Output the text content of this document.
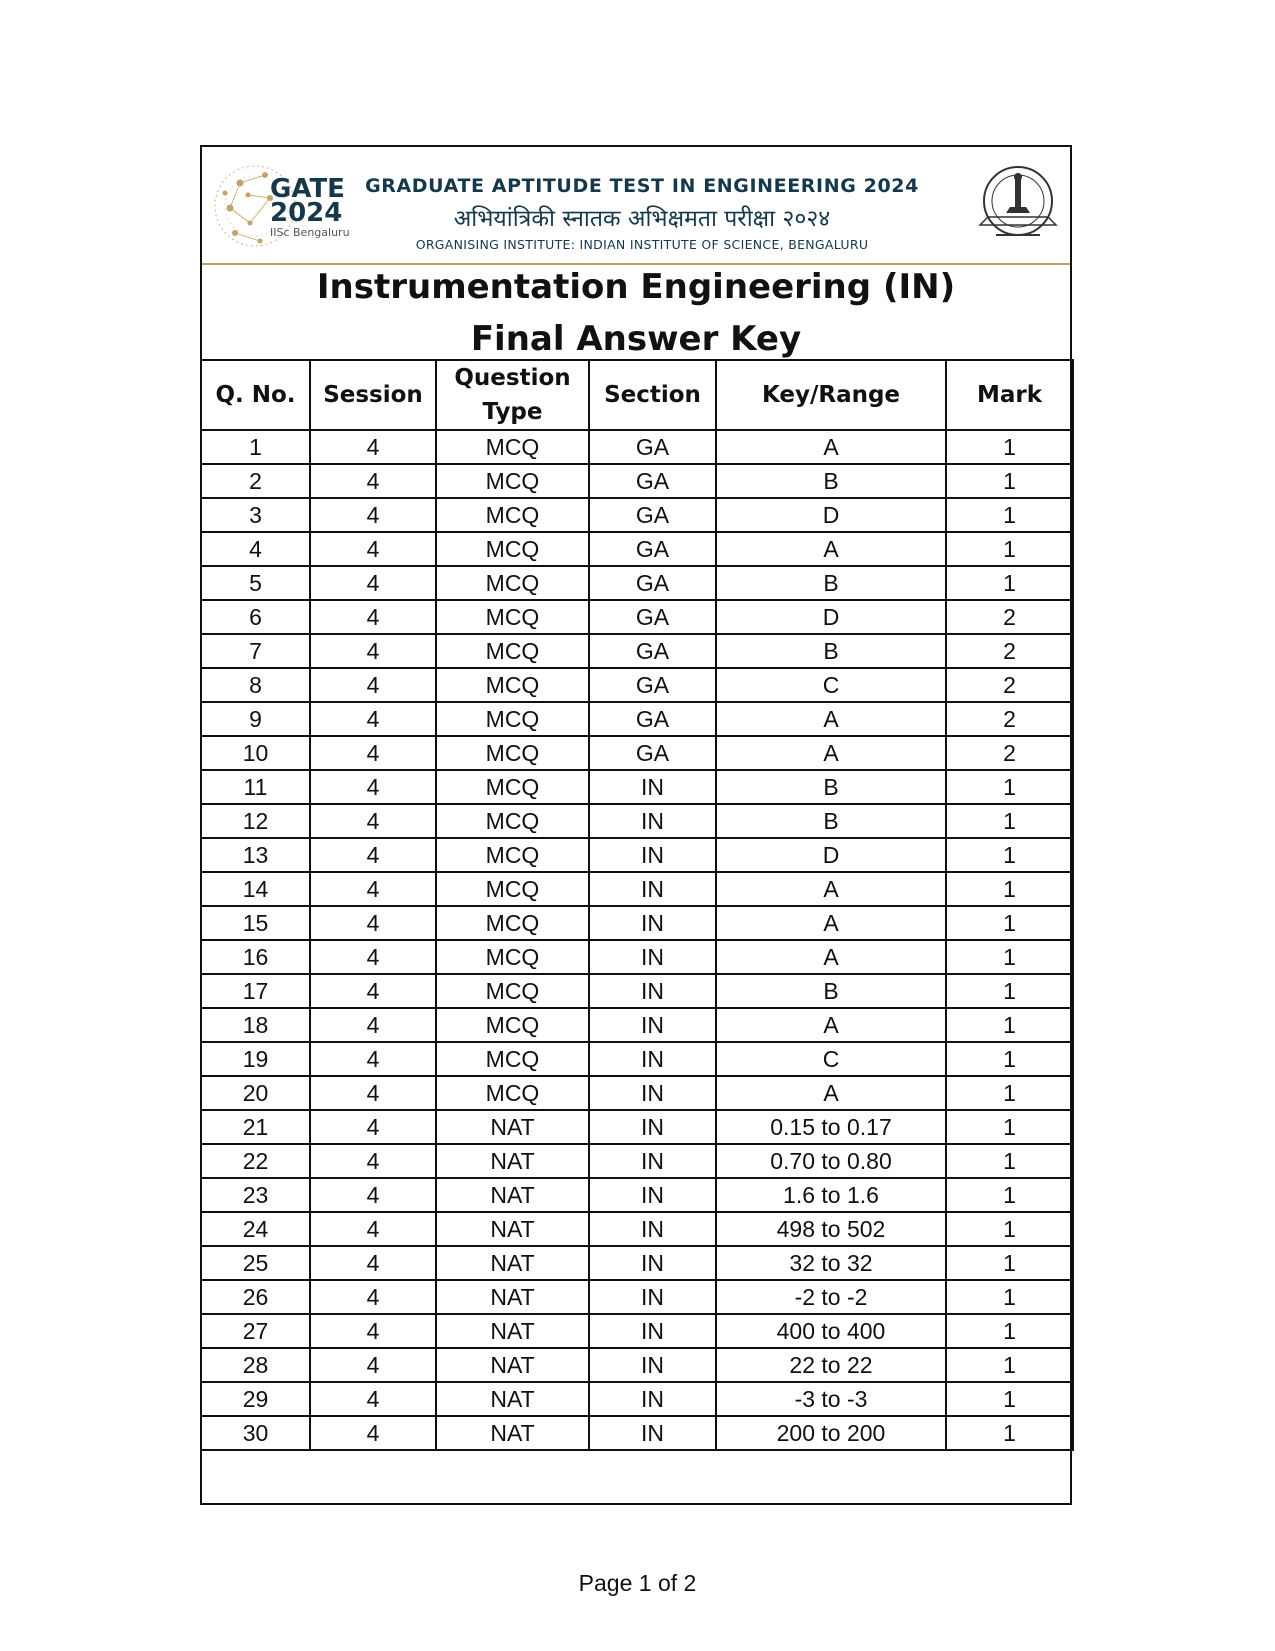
GATE
2024
IISc Bengaluru
GRADUATE APTITUDE TEST IN ENGINEERING 2024
अभियांत्रिकी स्नातक अभिक्षमता परीक्षा २०२४
ORGANISING INSTITUTE: INDIAN INSTITUTE OF SCIENCE, BENGALURU
Instrumentation Engineering (IN)
Final Answer Key
Q. No.	Session	Question Type	Section	Key/Range	Mark
1	4	MCQ	GA	A	1
2	4	MCQ	GA	B	1
3	4	MCQ	GA	D	1
4	4	MCQ	GA	A	1
5	4	MCQ	GA	B	1
6	4	MCQ	GA	D	2
7	4	MCQ	GA	B	2
8	4	MCQ	GA	C	2
9	4	MCQ	GA	A	2
10	4	MCQ	GA	A	2
11	4	MCQ	IN	B	1
12	4	MCQ	IN	B	1
13	4	MCQ	IN	D	1
14	4	MCQ	IN	A	1
15	4	MCQ	IN	A	1
16	4	MCQ	IN	A	1
17	4	MCQ	IN	B	1
18	4	MCQ	IN	A	1
19	4	MCQ	IN	C	1
20	4	MCQ	IN	A	1
21	4	NAT	IN	0.15 to 0.17	1
22	4	NAT	IN	0.70 to 0.80	1
23	4	NAT	IN	1.6 to 1.6	1
24	4	NAT	IN	498 to 502	1
25	4	NAT	IN	32 to 32	1
26	4	NAT	IN	-2 to -2	1
27	4	NAT	IN	400 to 400	1
28	4	NAT	IN	22 to 22	1
29	4	NAT	IN	-3 to -3	1
30	4	NAT	IN	200 to 200	1
Page 1 of 2
